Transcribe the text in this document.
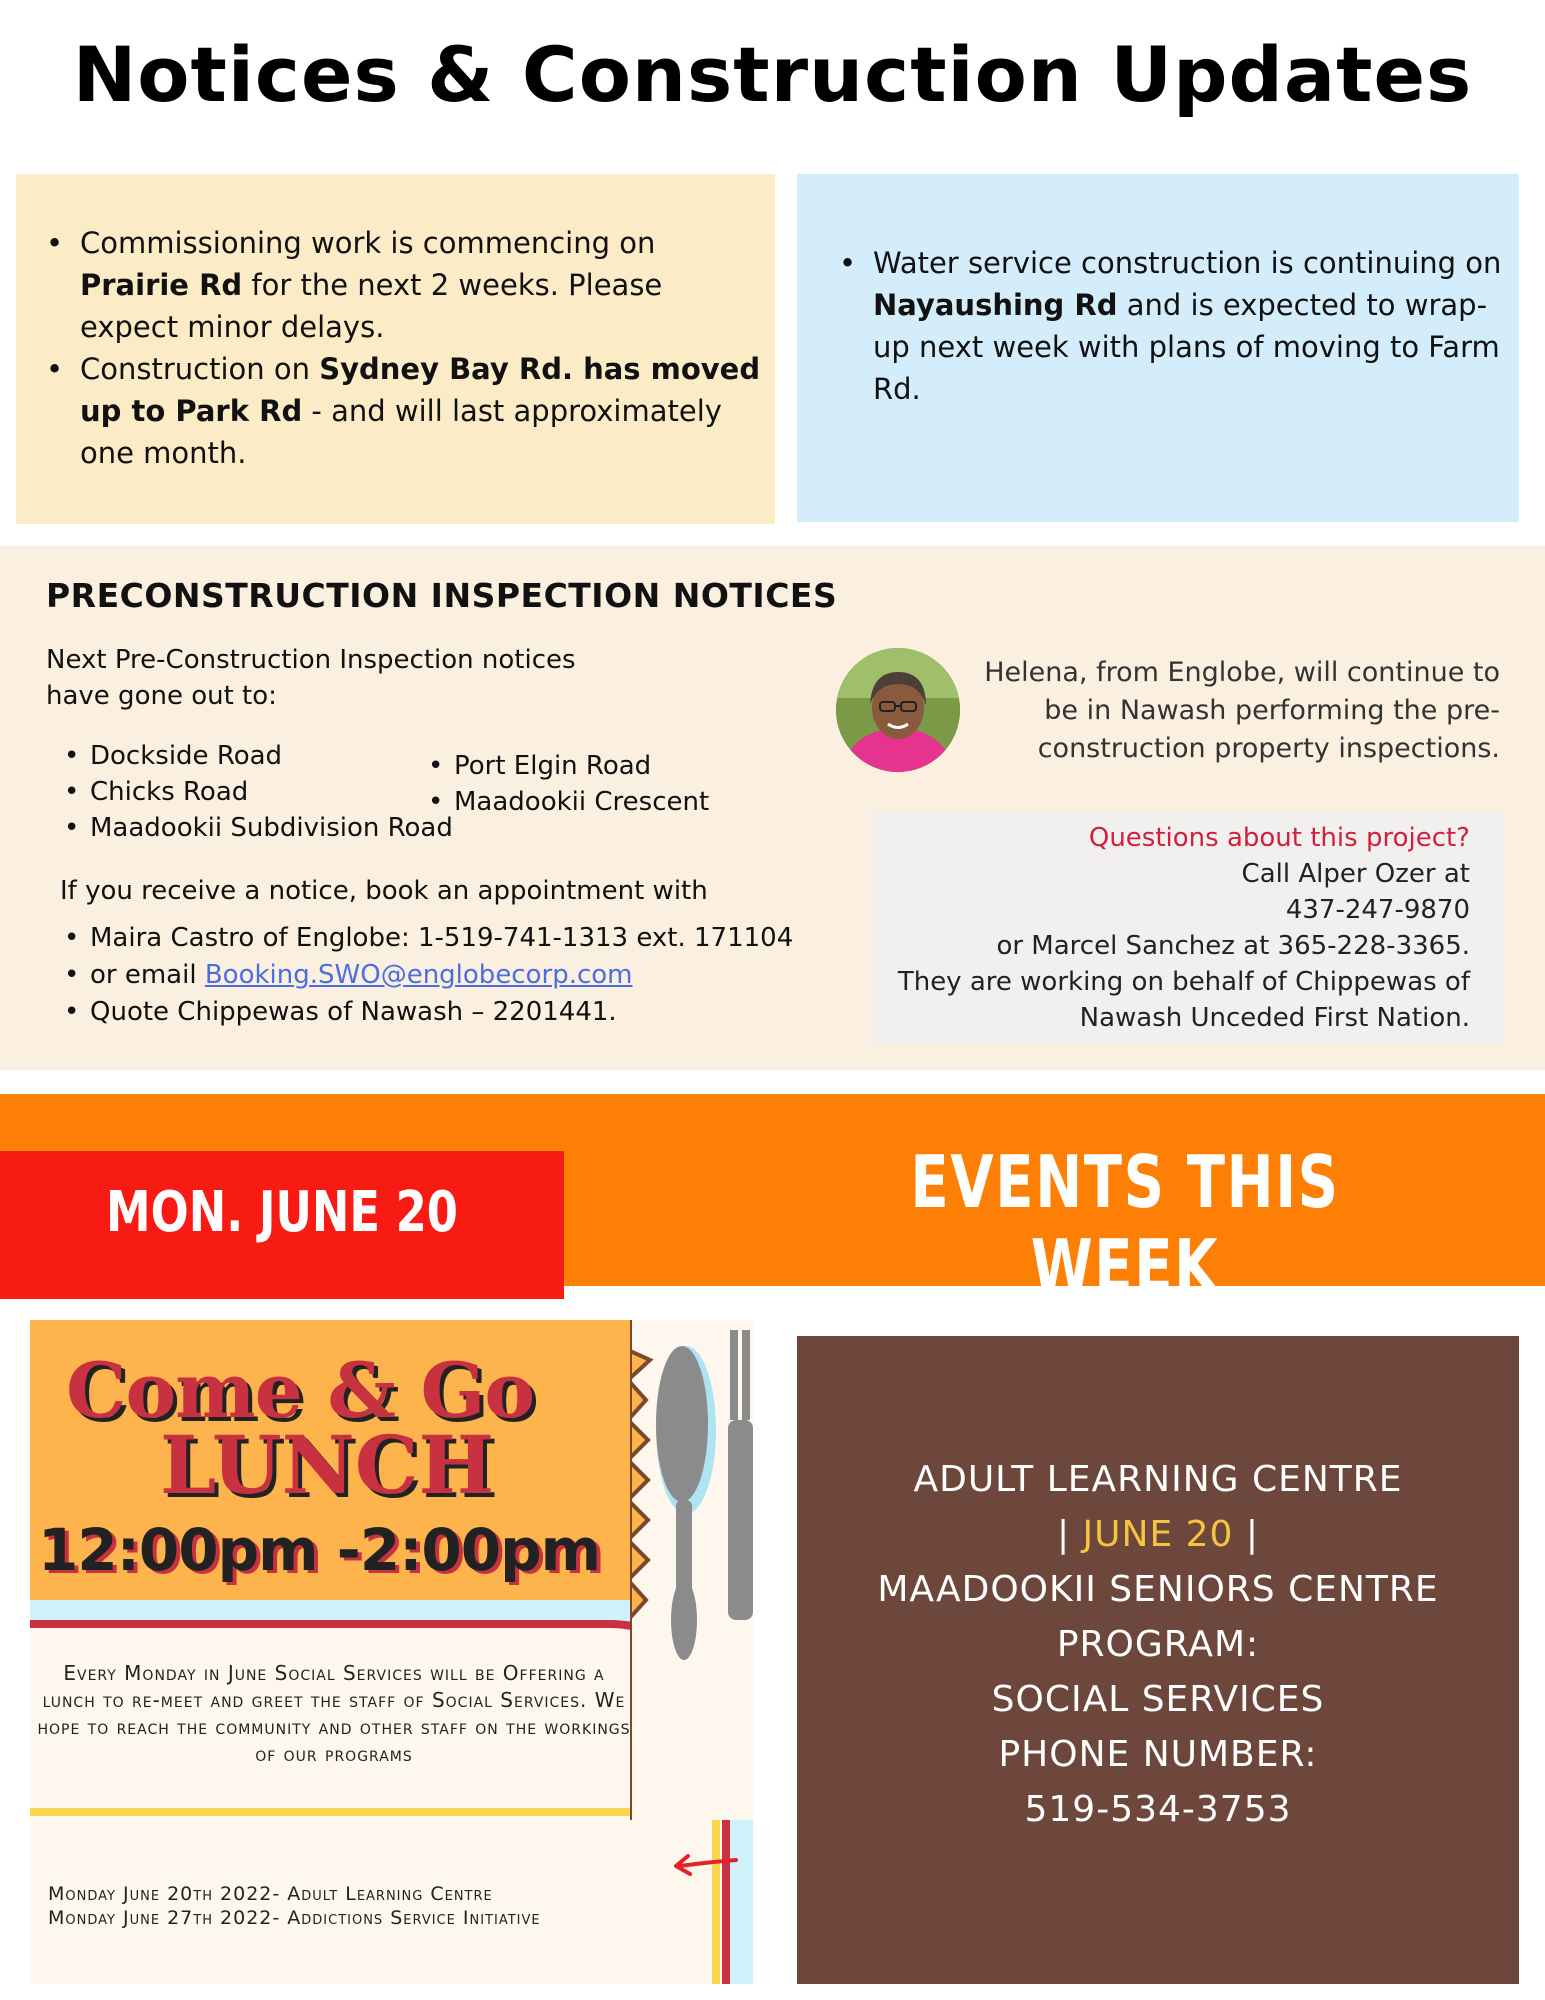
Notices & Construction Updates
• Commissioning work is commencing on Prairie Rd for the next 2 weeks. Please expect minor delays.
• Construction on Sydney Bay Rd. has moved up to Park Rd - and will last approximately one month.
• Water service construction is continuing on Nayaushing Rd and is expected to wrap-up next week with plans of moving to Farm Rd.
PRECONSTRUCTION INSPECTION NOTICES

Next Pre-Construction Inspection notices have gone out to:

• Dockside Road
• Chicks Road
• Maadookii Subdivision Road
• Port Elgin Road
• Maadookii Crescent

If you receive a notice, book an appointment with

• Maira Castro of Englobe: 1-519-741-1313 ext. 171104
• or email Booking.SWO@englobecorp.com
• Quote Chippewas of Nawash – 2201441.

Helena, from Englobe, will continue to be in Nawash performing the pre-construction property inspections.

Questions about this project?
Call Alper Ozer at
437-247-9870
or Marcel Sanchez at 365-228-3365.
They are working on behalf of Chippewas of
Nawash Unceded First Nation.
EVENTS THIS WEEK
MON. JUNE 20
Come & Go
LUNCH
12:00pm -2:00pm

Every Monday in June Social Services will be Offering a lunch to re-meet and greet the staff of Social Services. We hope to reach the community and other staff on the workings of our programs

Monday June 20th 2022- Adult Learning Centre
Monday June 27th 2022- Addictions Service Initiative
ADULT LEARNING CENTRE
| JUNE 20 |
MAADOOKII SENIORS CENTRE
PROGRAM:
SOCIAL SERVICES
PHONE NUMBER:
519-534-3753
